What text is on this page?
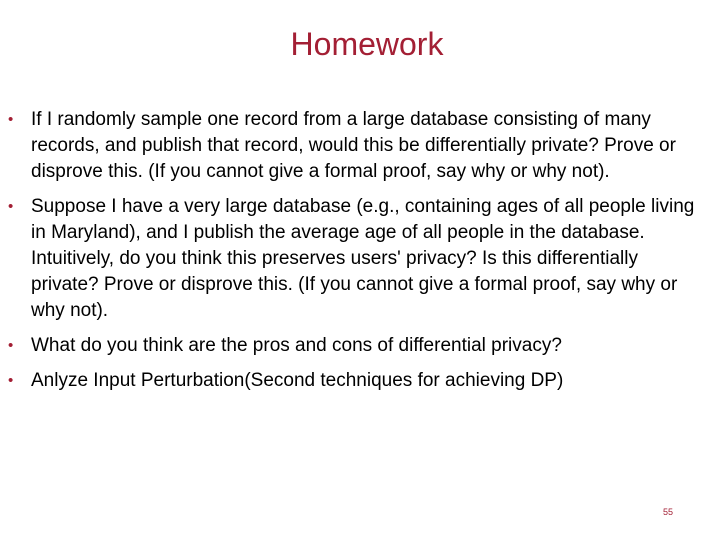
Homework
• If I randomly sample one record from a large database consisting of many records, and publish that record, would this be differentially private? Prove or disprove this. (If you cannot give a formal proof, say why or why not).
• Suppose I have a very large database (e.g., containing ages of all people living in Maryland), and I publish the average age of all people in the database. Intuitively, do you think this preserves users' privacy? Is this differentially private? Prove or disprove this. (If you cannot give a formal proof, say why or why not).
• What do you think are the pros and cons of differential privacy?
• Anlyze Input Perturbation(Second techniques for achieving DP)
55
